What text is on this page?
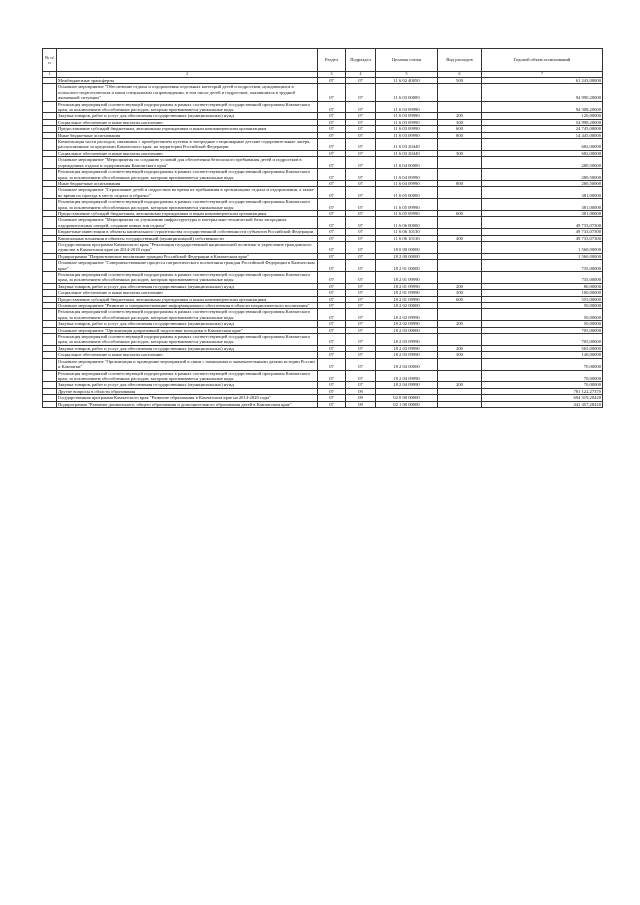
№ п/п		Раздел	Подраздел	Целевая статья	Вид расходов	Годовой объем ассигнований
1	2	3	4	5	6	7
	Межбюджетные трансферты	07	07	11 6 02 40050	500	61 243,00000
	Основное мероприятие "Обеспечение отдыха и оздоровления отдельных категорий детей и подростков, нуждающихся в психолого-педагогическом и ином специальном сопровождении, в том числе детей и подростков, оказавшихся в трудной жизненной ситуации"	07	07	11 6 03 00000		94 990,20000
	Реализация мероприятий соответствующей подпрограммы в рамках соответствующей государственной программы Камчатского края, за исключением обособленных расходов, которым присваиваются уникальные коды	07	07	11 6 03 09990		94 308,20000
	Закупка товаров, работ и услуг для обеспечения государственных (муниципальных) нужд	07	07	11 6 03 09990	200	120,00000
	Социальное обеспечение и иные выплаты населению	07	07	11 6 03 09990	300	54 998,20000
	Предоставление субсидий бюджетным, автономным учреждениям и иным некоммерческим организациям	07	07	11 6 03 09990	600	24 745,00000
	Иные бюджетные ассигнования	07	07	11 6 03 09990	800	14 445,00000
	Компенсация части расходов, связанных с приобретением путевок в загородные стационарные детские оздоровительные лагеря, расположенные за пределами Камчатского края, на территории Российской Федерации	07	07	11 6 03 20440		682,00000
	Социальное обеспечение и иные выплаты населению	07	07	11 6 03 20440	300	682,00000
	Основное мероприятие "Мероприятия по созданию условий для обеспечения безопасного пребывания детей и подростков в учреждениях отдыха и оздоровления Камчатского края"	07	07	11 6 04 00000		280,50000
	Реализация мероприятий соответствующей подпрограммы в рамках соответствующей государственной программы Камчатского края, за исключением обособленных расходов, которым присваиваются уникальные коды	07	07	11 6 04 09990		280,50000
	Иные бюджетные ассигнования	07	07	11 6 04 09990	800	280,50000
	Основное мероприятие "Страхование детей и подростков во время их пребывания в организациях отдыха и оздоровления, а также во время их проезда к месту отдыха и обратно"	07	07	11 6 05 00000		381,00000
	Реализация мероприятий соответствующей подпрограммы в рамках соответствующей государственной программы Камчатского края, за исключением обособленных расходов, которым присваиваются уникальные коды	07	07	11 6 05 09990		381,00000
	Предоставление субсидий бюджетным, автономным учреждениям и иным некоммерческим организациям	07	07	11 6 05 09990	600	381,00000
	Основное мероприятие "Мероприятия по улучшению инфраструктуры и материально-технической базы загородных оздоровительных лагерей, создание новых зон отдыха"	07	07	11 6 06 00000		49 733,07300
	Бюджетные инвестиции в объекты капитального строительства государственной собственности субъектов Российской Федерации	07	07	11 6 06 10130		49 733,07300
	Капитальные вложения в объекты государственной (муниципальной) собственности	07	07	11 6 06 10130	400	49 733,07300
	Государственная программа Камчатского края "Реализация государственной национальной политики и укрепление гражданского единства в Камчатском крае на 2014-2018 годы"	07	07	18 0 00 00000		1 560,00000
	Подпрограмма "Патриотическое воспитание граждан Российской Федерации в Камчатском крае"	07	07	18 2 00 00000		1 560,00000
	Основное мероприятие "Совершенствование процесса патриотического воспитания граждан Российской Федерации в Камчатском крае"	07	07	18 2 01 00000		735,00000
	Реализация мероприятий соответствующей подпрограммы в рамках соответствующей государственной программы Камчатского края, за исключением обособленных расходов, которым присваиваются уникальные коды	07	07	18 2 01 09990		735,00000
	Закупка товаров, работ и услуг для обеспечения государственных (муниципальных) нужд	07	07	18 2 01 09990	200	80,00000
	Социальное обеспечение и иные выплаты населению	07	07	18 2 01 09990	300	100,00000
	Предоставление субсидий бюджетным, автономным учреждениям и иным некоммерческим организациям	07	07	18 2 01 09990	600	555,00000
	Основное мероприятие "Развитие и совершенствование информационного обеспечения в области патриотического воспитания"	07	07	18 2 02 00000		50,00000
	Реализация мероприятий соответствующей подпрограммы в рамках соответствующей государственной программы Камчатского края, за исключением обособленных расходов, которым присваиваются уникальные коды	07	07	18 2 02 09990		50,00000
	Закупка товаров, работ и услуг для обеспечения государственных (муниципальных) нужд	07	07	18 2 02 09990	200	50,00000
	Основное мероприятие "Организация допризывной подготовки молодежи в Камчатском крае"	07	07	18 2 03 00000		705,00000
	Реализация мероприятий соответствующей подпрограммы в рамках соответствующей государственной программы Камчатского края, за исключением обособленных расходов, которым присваиваются уникальные коды	07	07	18 2 03 09990		705,00000
	Закупка товаров, работ и услуг для обеспечения государственных (муниципальных) нужд	07	07	18 2 03 09990	200	565,00000
	Социальное обеспечение и иные выплаты населению	07	07	18 2 03 09990	300	140,00000
	Основное мероприятие "Организация и проведение мероприятий в связи с памятными и знаменательными датами истории России и Камчатки"	07	07	18 2 04 00000		70,00000
	Реализация мероприятий соответствующей подпрограммы в рамках соответствующей государственной программы Камчатского края, за исключением обособленных расходов, которым присваиваются уникальные коды	07	07	18 2 04 09990		70,00000
	Закупка товаров, работ и услуг для обеспечения государственных (муниципальных) нужд	07	07	18 2 04 09990	200	70,00000
	Другие вопросы в области образования	07	09			781 122,27370
	Государственная программа Камчатского края "Развитие образования в Камчатском крае на 2014-2020 годы"	07	09	02 0 00 00000		694 319,20420
	Подпрограмма "Развитие дошкольного, общего образования и дополнительного образования детей в Камчатском крае"	07	09	02 1 00 00000		441 457,28420
